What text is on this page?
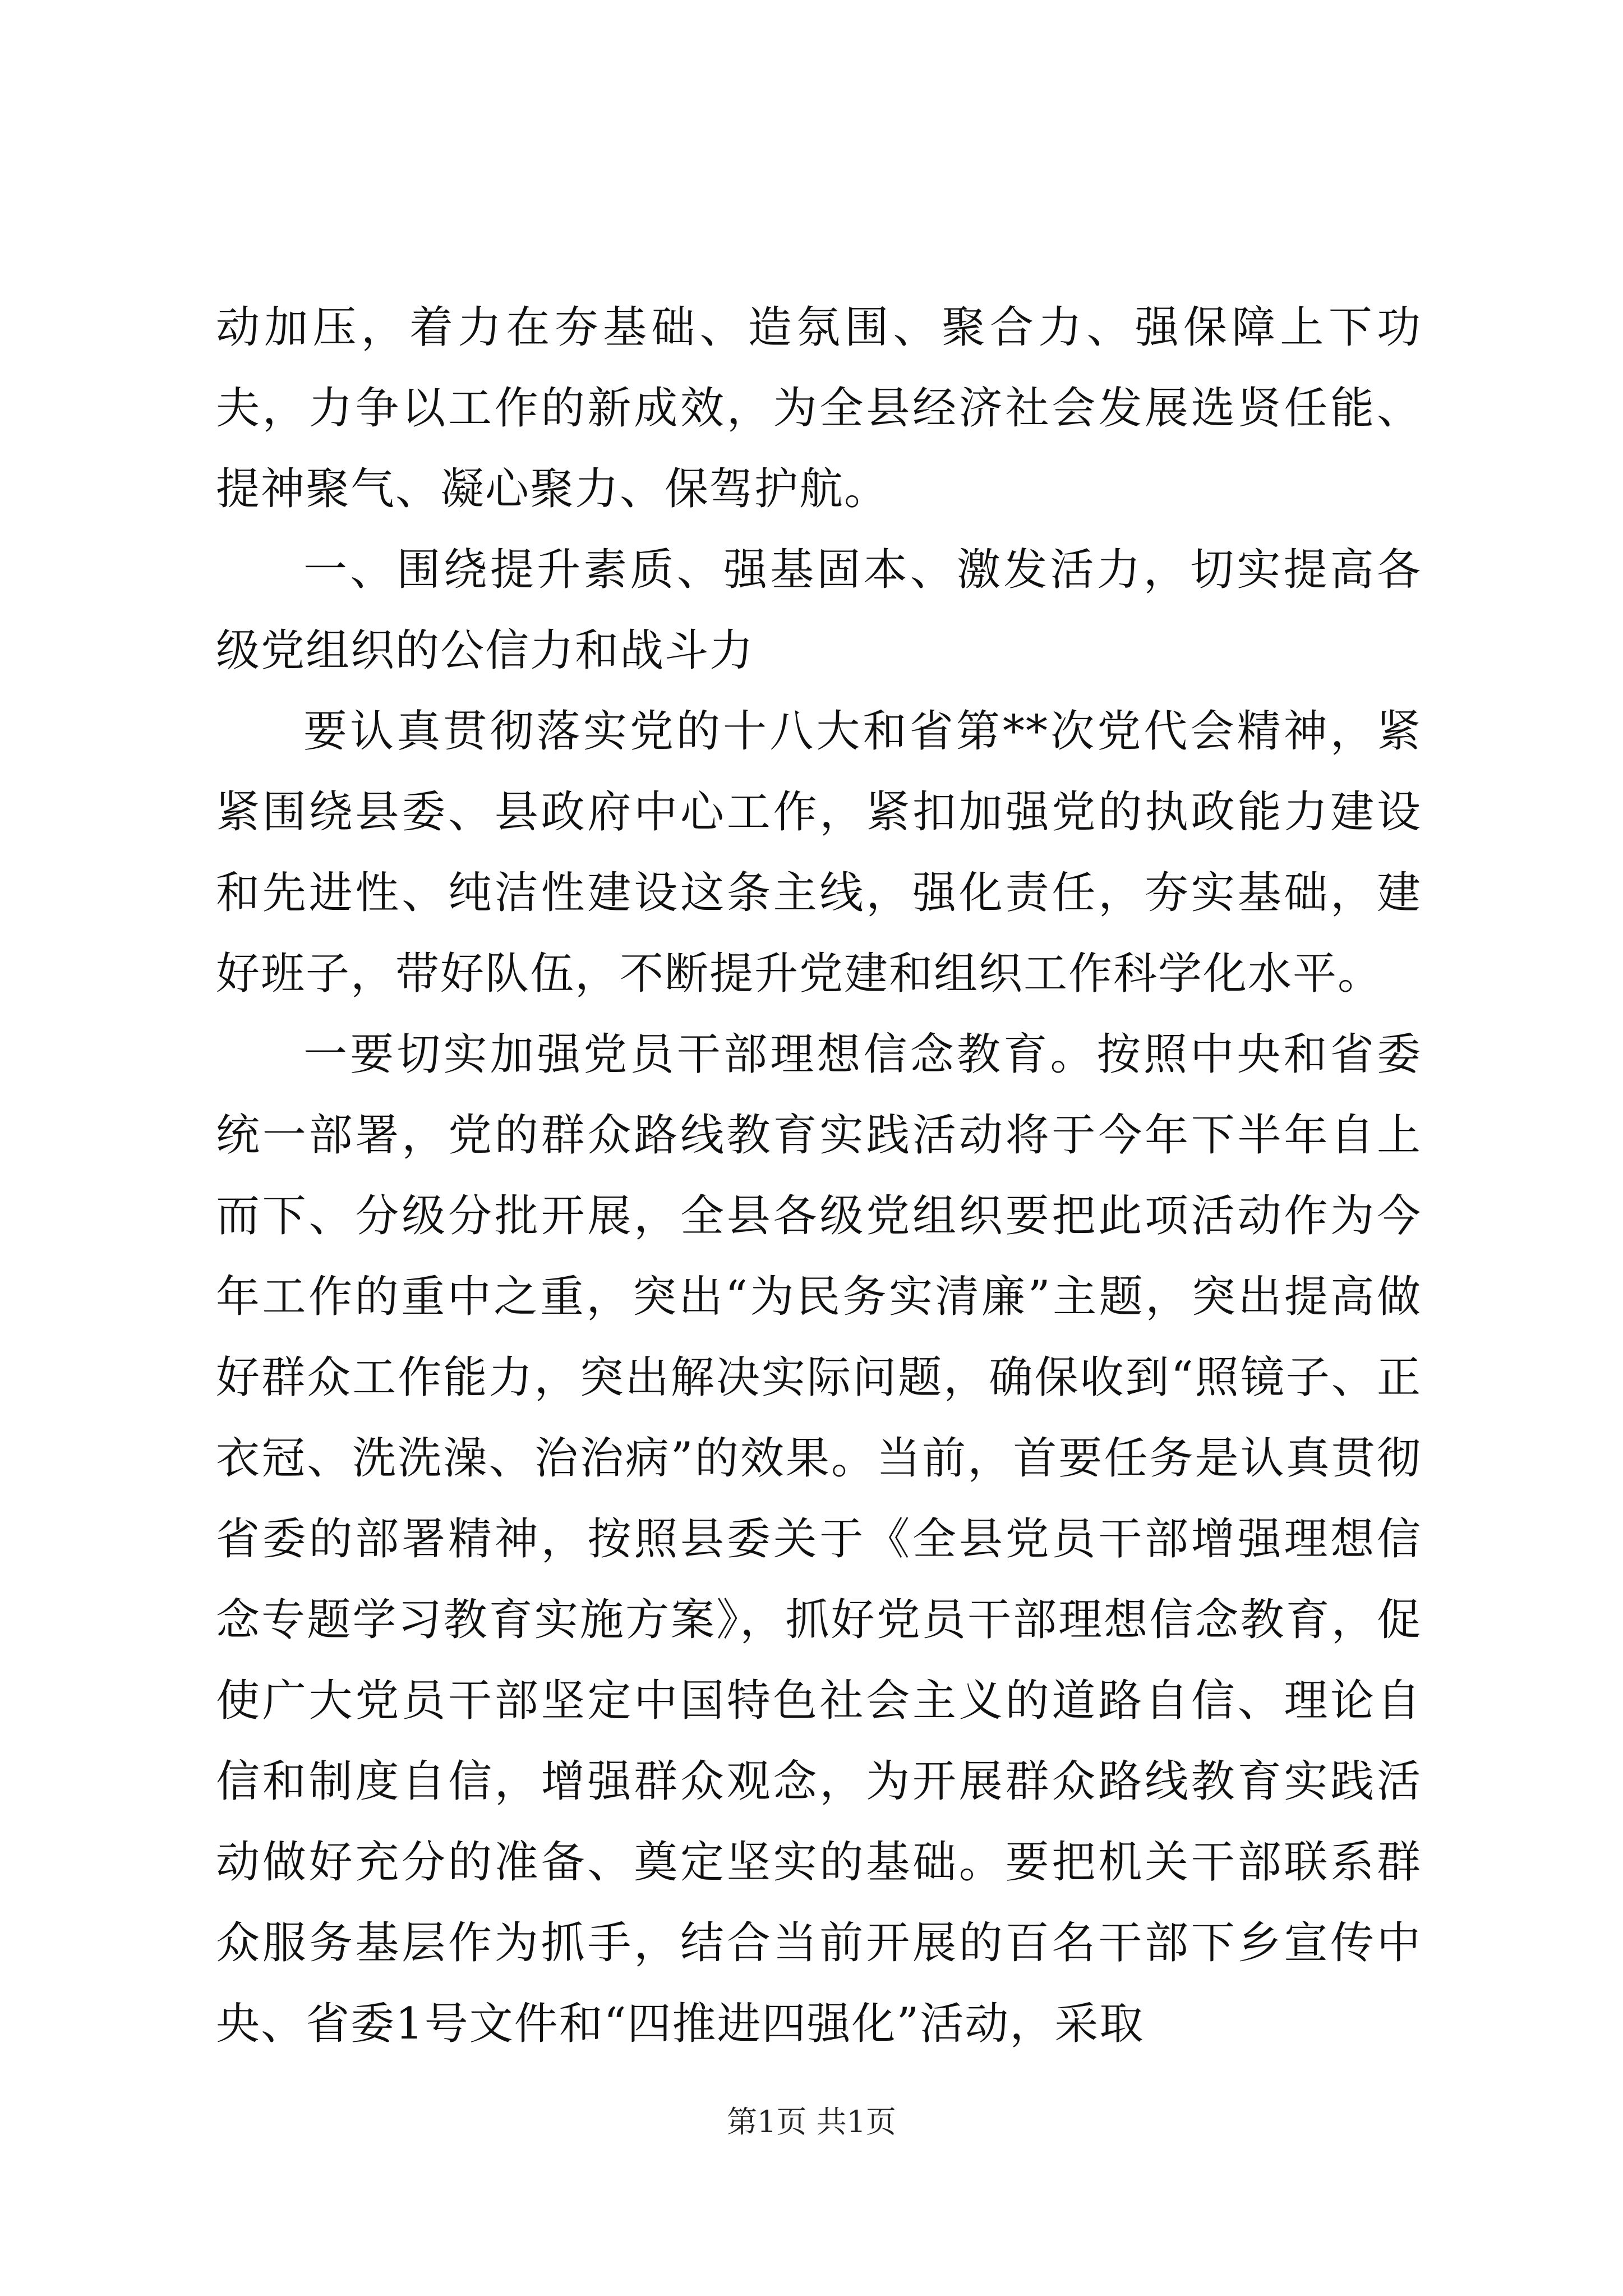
动加压，着力在夯基础、造氛围、聚合力、强保障上下功夫，力争以工作的新成效，为全县经济社会发展选贤任能、提神聚气、凝心聚力、保驾护航。

一、围绕提升素质、强基固本、激发活力，切实提高各级党组织的公信力和战斗力

要认真贯彻落实党的十八大和省第**次党代会精神，紧紧围绕县委、县政府中心工作，紧扣加强党的执政能力建设和先进性、纯洁性建设这条主线，强化责任，夯实基础，建好班子，带好队伍，不断提升党建和组织工作科学化水平。

一要切实加强党员干部理想信念教育。按照中央和省委统一部署，党的群众路线教育实践活动将于今年下半年自上而下、分级分批开展，全县各级党组织要把此项活动作为今年工作的重中之重，突出“为民务实清廉”主题，突出提高做好群众工作能力，突出解决实际问题，确保收到“照镜子、正衣冠、洗洗澡、治治病”的效果。当前，首要任务是认真贯彻省委的部署精神，按照县委关于《全县党员干部增强理想信念专题学习教育实施方案》，抓好党员干部理想信念教育，促使广大党员干部坚定中国特色社会主义的道路自信、理论自信和制度自信，增强群众观念，为开展群众路线教育实践活动做好充分的准备、奠定坚实的基础。要把机关干部联系群众服务基层作为抓手，结合当前开展的百名干部下乡宣传中央、省委1号文件和“四推进四强化”活动，采取

第1页 共1页
